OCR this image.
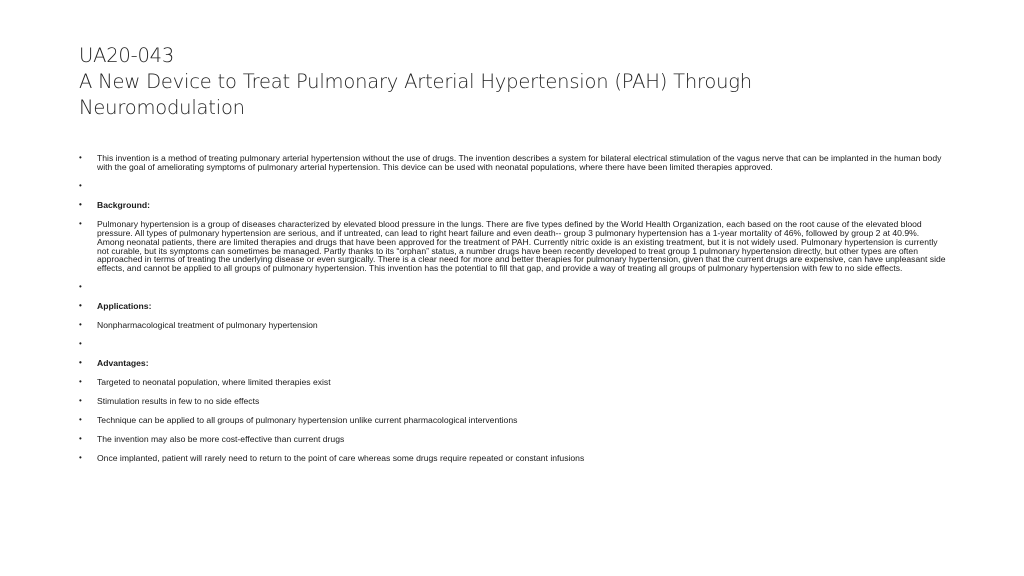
UA20-043
A New Device to Treat Pulmonary Arterial Hypertension (PAH) Through
Neuromodulation
• This invention is a method of treating pulmonary arterial hypertension without the use of drugs. The invention describes a system for bilateral electrical stimulation of the vagus nerve that can be implanted in the human body with the goal of ameliorating symptoms of pulmonary arterial hypertension. This device can be used with neonatal populations, where there have been limited therapies approved.
•
• Background:
• Pulmonary hypertension is a group of diseases characterized by elevated blood pressure in the lungs. There are five types defined by the World Health Organization, each based on the root cause of the elevated blood pressure. All types of pulmonary hypertension are serious, and if untreated, can lead to right heart failure and even death-- group 3 pulmonary hypertension has a 1-year mortality of 46%, followed by group 2 at 40.9%. Among neonatal patients, there are limited therapies and drugs that have been approved for the treatment of PAH. Currently nitric oxide is an existing treatment, but it is not widely used. Pulmonary hypertension is currently not curable, but its symptoms can sometimes be managed. Partly thanks to its “orphan” status, a number drugs have been recently developed to treat group 1 pulmonary hypertension directly, but other types are often approached in terms of treating the underlying disease or even surgically. There is a clear need for more and better therapies for pulmonary hypertension, given that the current drugs are expensive, can have unpleasant side effects, and cannot be applied to all groups of pulmonary hypertension. This invention has the potential to fill that gap, and provide a way of treating all groups of pulmonary hypertension with few to no side effects.
•
• Applications:
• Nonpharmacological treatment of pulmonary hypertension
•
• Advantages:
• Targeted to neonatal population, where limited therapies exist
• Stimulation results in few to no side effects
• Technique can be applied to all groups of pulmonary hypertension unlike current pharmacological interventions
• The invention may also be more cost-effective than current drugs
• Once implanted, patient will rarely need to return to the point of care whereas some drugs require repeated or constant infusions
